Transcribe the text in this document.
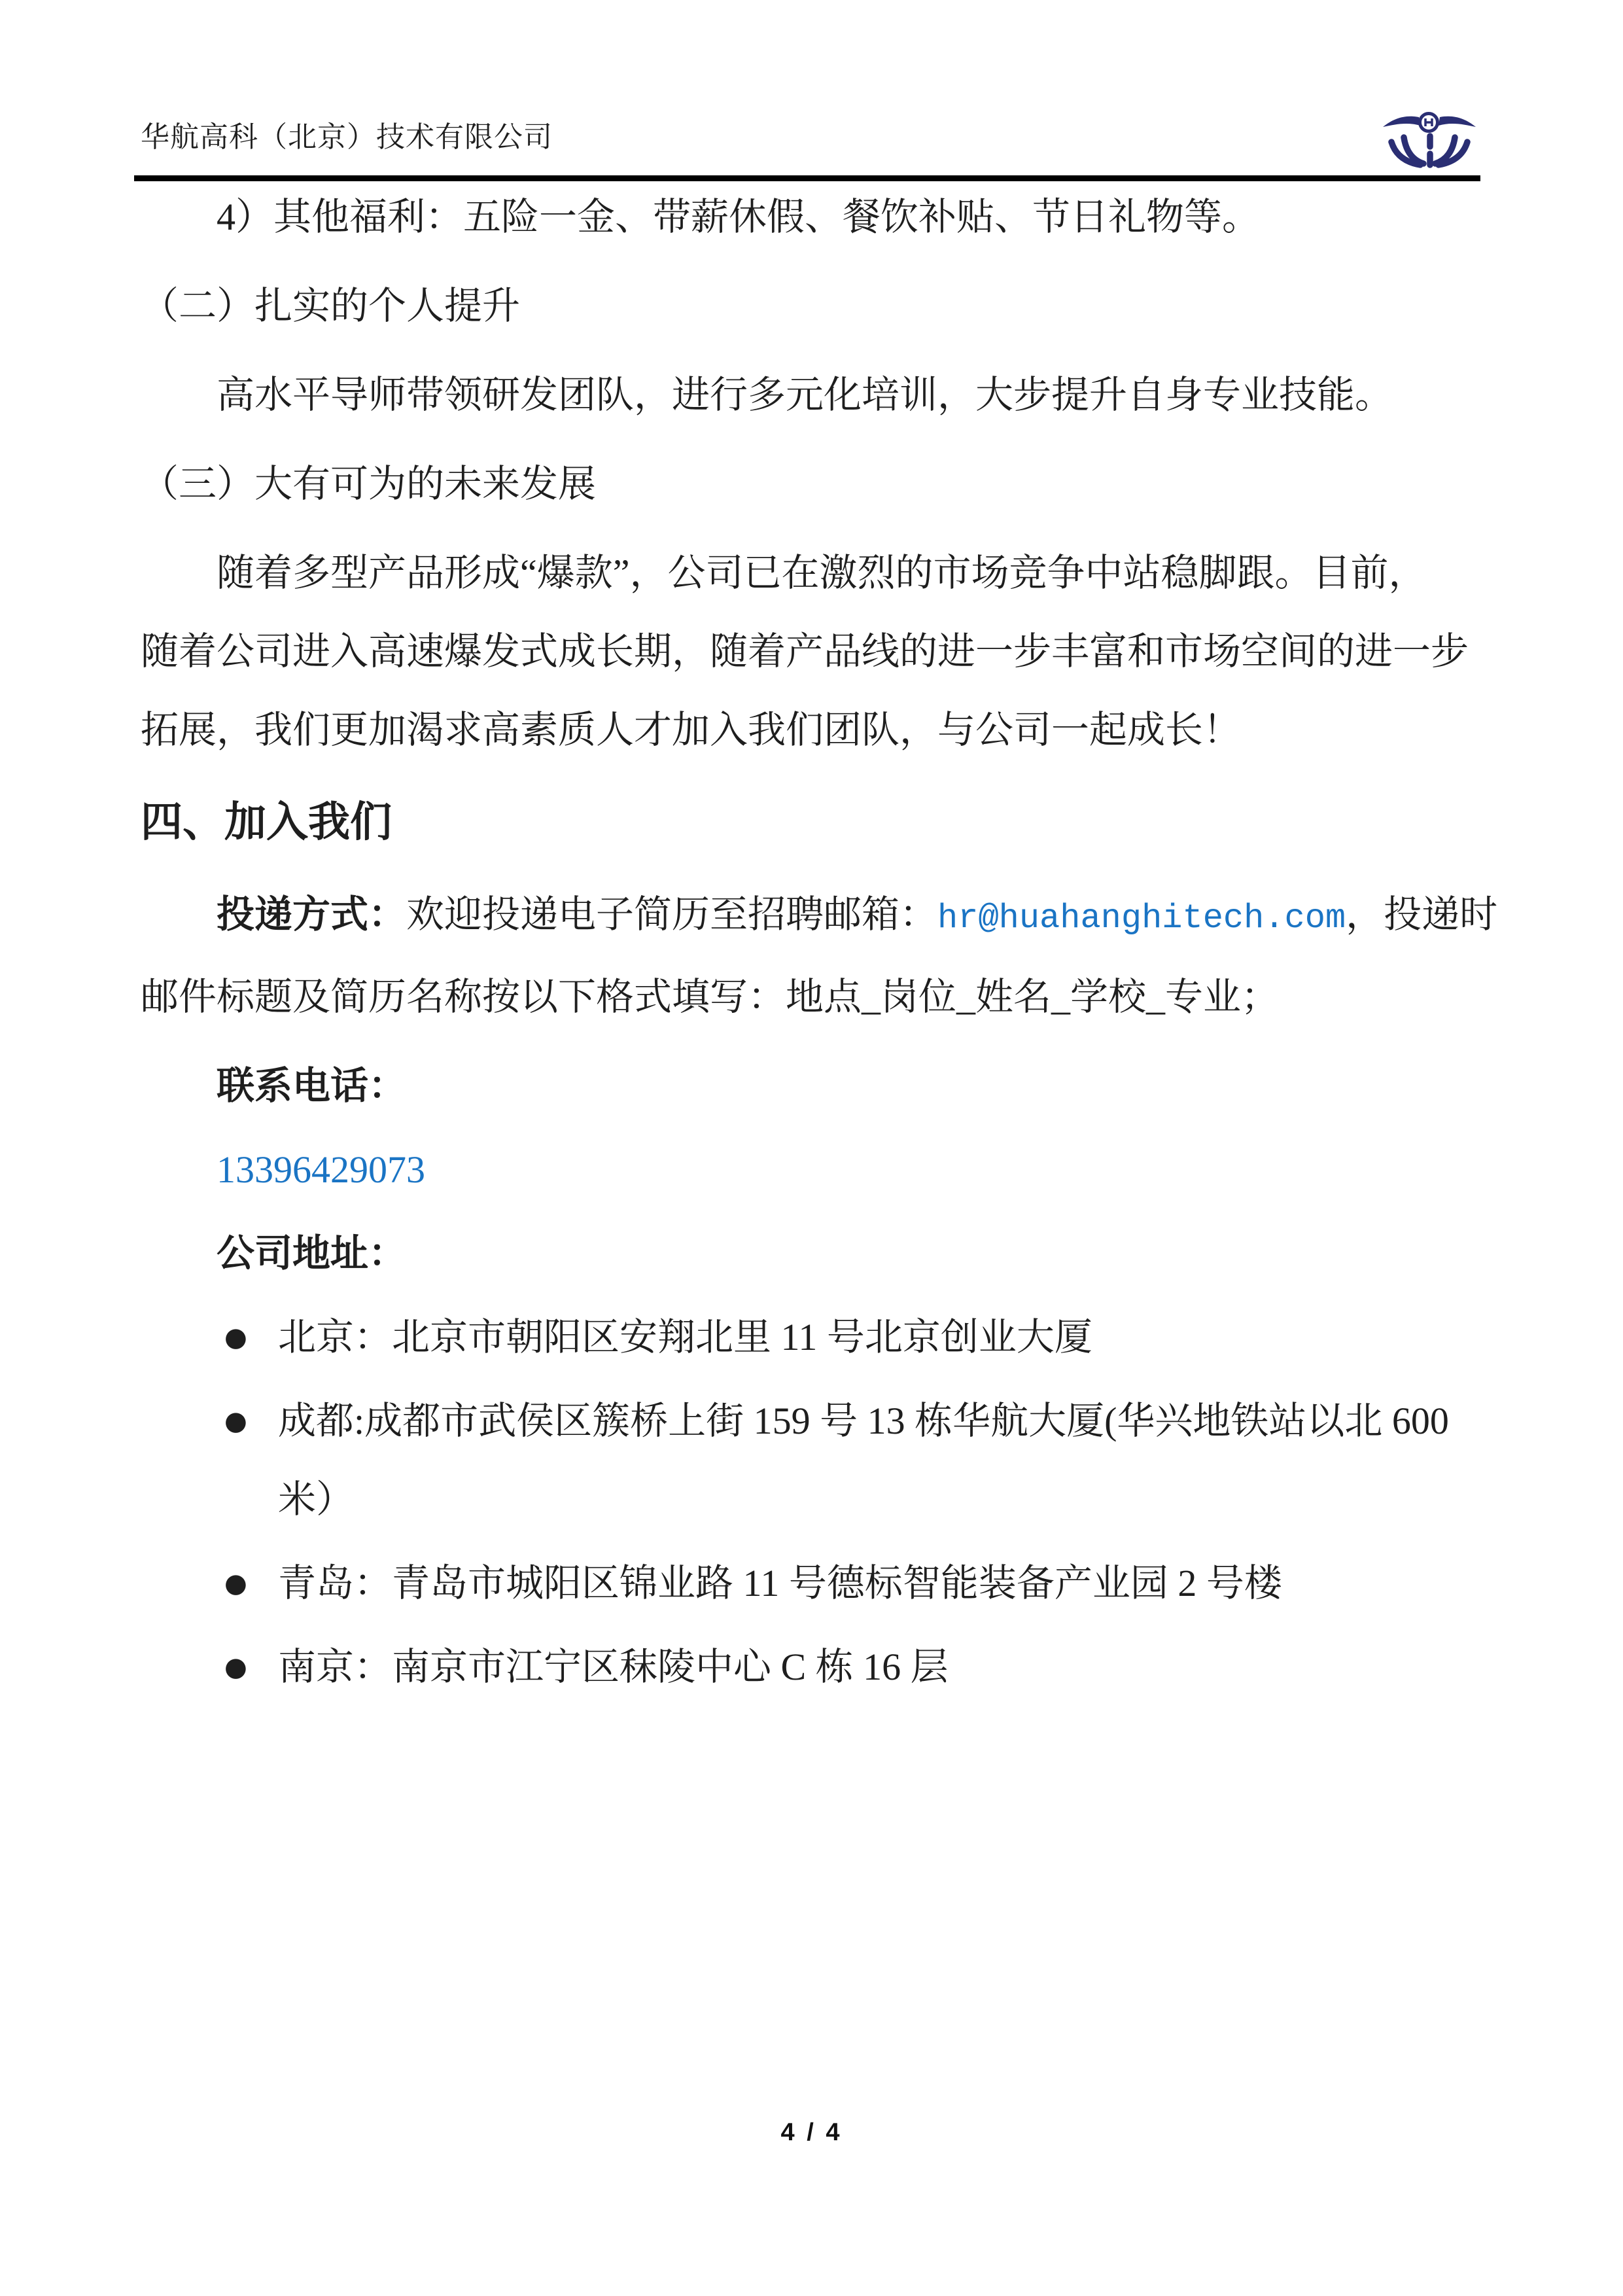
华航高科（北京）技术有限公司

4）其他福利：五险一金、带薪休假、餐饮补贴、节日礼物等。

（二）扎实的个人提升

高水平导师带领研发团队，进行多元化培训，大步提升自身专业技能。

（三）大有可为的未来发展

随着多型产品形成“爆款”，公司已在激烈的市场竞争中站稳脚跟。目前，

随着公司进入高速爆发式成长期，随着产品线的进一步丰富和市场空间的进一步

拓展，我们更加渴求高素质人才加入我们团队，与公司一起成长！

四、加入我们

投递方式：欢迎投递电子简历至招聘邮箱：hr@huahanghitech.com，投递时

邮件标题及简历名称按以下格式填写：地点_岗位_姓名_学校_专业；

联系电话：

13396429073

公司地址：

● 北京：北京市朝阳区安翔北里 11 号北京创业大厦

● 成都:成都市武侯区簇桥上街 159 号 13 栋华航大厦(华兴地铁站以北 600

米）

● 青岛：青岛市城阳区锦业路 11 号德标智能装备产业园 2 号楼

● 南京：南京市江宁区秣陵中心 C 栋 16 层

4 / 4
